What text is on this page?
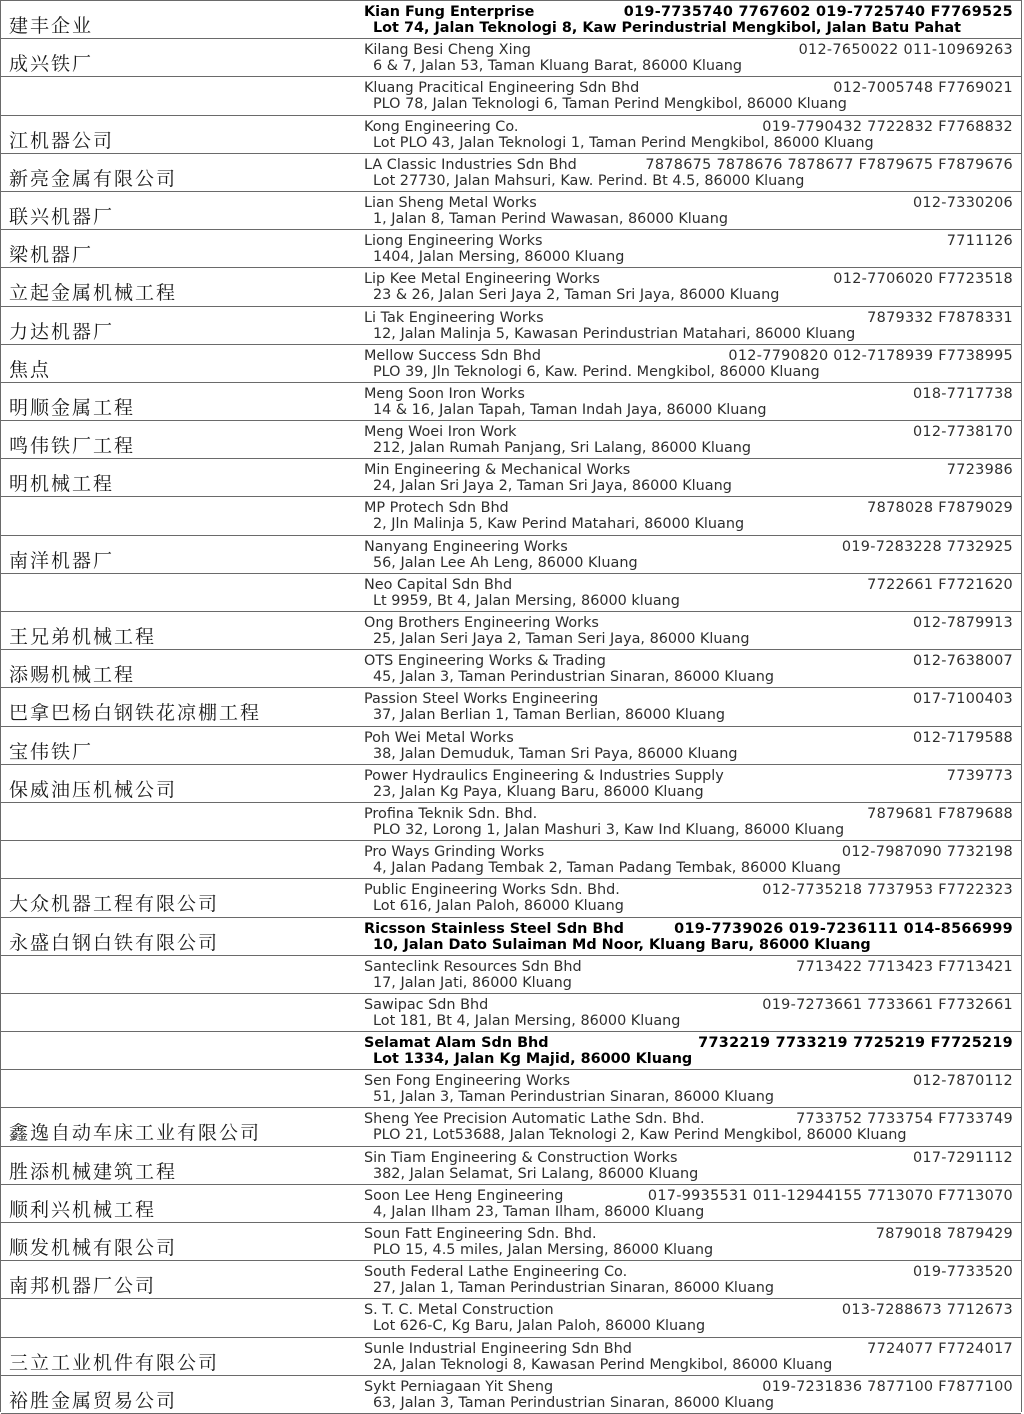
建丰企业
Kian Fung Enterprise	019-7735740 7767602 019-7725740 F7769525
Lot 74, Jalan Teknologi 8, Kaw Perindustrial Mengkibol, Jalan Batu Pahat
成兴铁厂
Kilang Besi Cheng Xing	012-7650022 011-10969263
6 & 7, Jalan 53, Taman Kluang Barat, 86000 Kluang
Kluang Pracitical Engineering Sdn Bhd	012-7005748 F7769021
PLO 78, Jalan Teknologi 6, Taman Perind Mengkibol, 86000 Kluang
江机器公司
Kong Engineering Co.	019-7790432 7722832 F7768832
Lot PLO 43, Jalan Teknologi 1, Taman Perind Mengkibol, 86000 Kluang
新亮金属有限公司
LA Classic Industries Sdn Bhd	7878675 7878676 7878677 F7879675 F7879676
Lot 27730, Jalan Mahsuri, Kaw. Perind. Bt 4.5, 86000 Kluang
联兴机器厂
Lian Sheng Metal Works	012-7330206
1, Jalan 8, Taman Perind Wawasan, 86000 Kluang
梁机器厂
Liong Engineering Works	7711126
1404, Jalan Mersing, 86000 Kluang
立起金属机械工程
Lip Kee Metal Engineering Works	012-7706020 F7723518
23 & 26, Jalan Seri Jaya 2, Taman Sri Jaya, 86000 Kluang
力达机器厂
Li Tak Engineering Works	7879332 F7878331
12, Jalan Malinja 5, Kawasan Perindustrian Matahari, 86000 Kluang
焦点
Mellow Success Sdn Bhd	012-7790820 012-7178939 F7738995
PLO 39, Jln Teknologi 6, Kaw. Perind. Mengkibol, 86000 Kluang
明顺金属工程
Meng Soon Iron Works	018-7717738
14 & 16, Jalan Tapah, Taman Indah Jaya, 86000 Kluang
鸣伟铁厂工程
Meng Woei Iron Work	012-7738170
212, Jalan Rumah Panjang, Sri Lalang, 86000 Kluang
明机械工程
Min Engineering & Mechanical Works	7723986
24, Jalan Sri Jaya 2, Taman Sri Jaya, 86000 Kluang
MP Protech Sdn Bhd	7878028 F7879029
2, Jln Malinja 5, Kaw Perind Matahari, 86000 Kluang
南洋机器厂
Nanyang Engineering Works	019-7283228 7732925
56, Jalan Lee Ah Leng, 86000 Kluang
Neo Capital Sdn Bhd	7722661 F7721620
Lt 9959, Bt 4, Jalan Mersing, 86000 kluang
王兄弟机械工程
Ong Brothers Engineering Works	012-7879913
25, Jalan Seri Jaya 2, Taman Seri Jaya, 86000 Kluang
添赐机械工程
OTS Engineering Works & Trading	012-7638007
45, Jalan 3, Taman Perindustrian Sinaran, 86000 Kluang
巴拿巴杨白钢铁花凉棚工程
Passion Steel Works Engineering	017-7100403
37, Jalan Berlian 1, Taman Berlian, 86000 Kluang
宝伟铁厂
Poh Wei Metal Works	012-7179588
38, Jalan Demuduk, Taman Sri Paya, 86000 Kluang
保威油压机械公司
Power Hydraulics Engineering & Industries Supply	7739773
23, Jalan Kg Paya, Kluang Baru, 86000 Kluang
Profina Teknik Sdn. Bhd.	7879681 F7879688
PLO 32, Lorong 1, Jalan Mashuri 3, Kaw Ind Kluang, 86000 Kluang
Pro Ways Grinding Works	012-7987090 7732198
4, Jalan Padang Tembak 2, Taman Padang Tembak, 86000 Kluang
大众机器工程有限公司
Public Engineering Works Sdn. Bhd.	012-7735218 7737953 F7722323
Lot 616, Jalan Paloh, 86000 Kluang
永盛白钢白铁有限公司
Ricsson Stainless Steel Sdn Bhd	019-7739026 019-7236111 014-8566999
10, Jalan Dato Sulaiman Md Noor, Kluang Baru, 86000 Kluang
Santeclink Resources Sdn Bhd	7713422 7713423 F7713421
17, Jalan Jati, 86000 Kluang
Sawipac Sdn Bhd	019-7273661 7733661 F7732661
Lot 181, Bt 4, Jalan Mersing, 86000 Kluang
Selamat Alam Sdn Bhd	7732219 7733219 7725219 F7725219
Lot 1334, Jalan Kg Majid, 86000 Kluang
Sen Fong Engineering Works	012-7870112
51, Jalan 3, Taman Perindustrian Sinaran, 86000 Kluang
鑫逸自动车床工业有限公司
Sheng Yee Precision Automatic Lathe Sdn. Bhd.	7733752 7733754 F7733749
PLO 21, Lot53688, Jalan Teknologi 2, Kaw Perind Mengkibol, 86000 Kluang
胜添机械建筑工程
Sin Tiam Engineering & Construction Works	017-7291112
382, Jalan Selamat, Sri Lalang, 86000 Kluang
顺利兴机械工程
Soon Lee Heng Engineering	017-9935531 011-12944155 7713070 F7713070
4, Jalan Ilham 23, Taman Ilham, 86000 Kluang
顺发机械有限公司
Soun Fatt Engineering Sdn. Bhd.	7879018 7879429
PLO 15, 4.5 miles, Jalan Mersing, 86000 Kluang
南邦机器厂公司
South Federal Lathe Engineering Co.	019-7733520
27, Jalan 1, Taman Perindustrian Sinaran, 86000 Kluang
S. T. C. Metal Construction	013-7288673 7712673
Lot 626-C, Kg Baru, Jalan Paloh, 86000 Kluang
三立工业机件有限公司
Sunle Industrial Engineering Sdn Bhd	7724077 F7724017
2A, Jalan Teknologi 8, Kawasan Perind Mengkibol, 86000 Kluang
裕胜金属贸易公司
Sykt Perniagaan Yit Sheng	019-7231836 7877100 F7877100
63, Jalan 3, Taman Perindustrian Sinaran, 86000 Kluang
